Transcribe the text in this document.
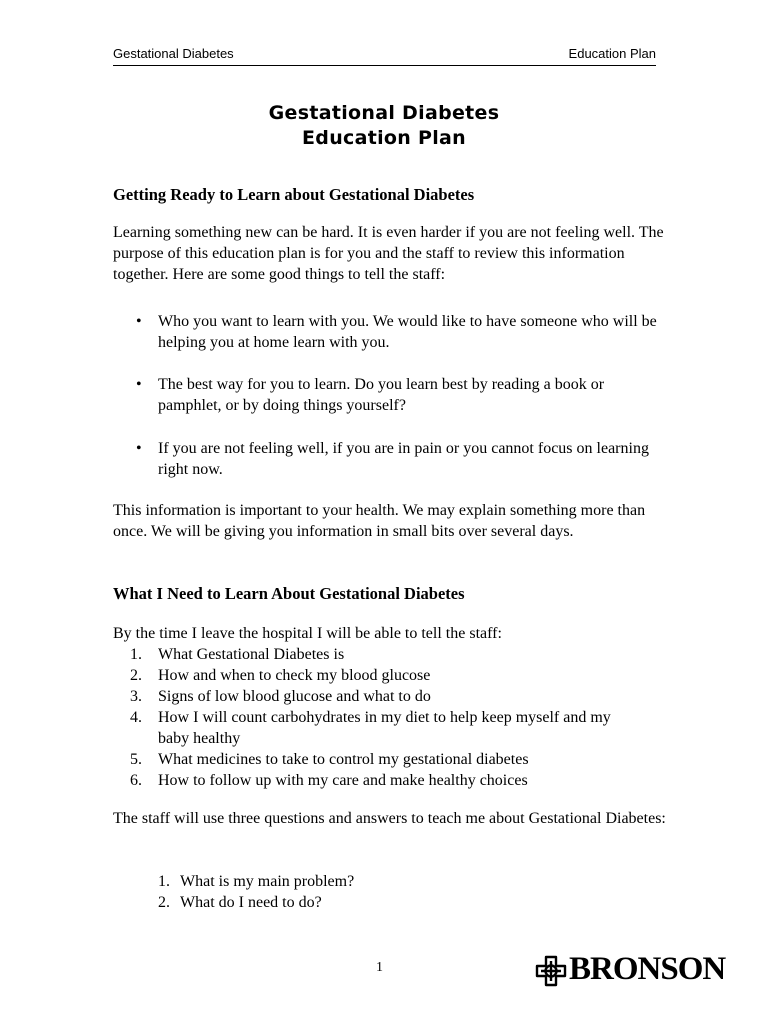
Gestational Diabetes	Education Plan
Gestational Diabetes
Education Plan
Getting Ready to Learn about Gestational Diabetes
Learning something new can be hard. It is even harder if you are not feeling well. The purpose of this education plan is for you and the staff to review this information together. Here are some good things to tell the staff:
• Who you want to learn with you. We would like to have someone who will be helping you at home learn with you.
• The best way for you to learn. Do you learn best by reading a book or pamphlet, or by doing things yourself?
• If you are not feeling well, if you are in pain or you cannot focus on learning right now.
This information is important to your health. We may explain something more than once. We will be giving you information in small bits over several days.
What I Need to Learn About Gestational Diabetes
By the time I leave the hospital I will be able to tell the staff:
1.	What Gestational Diabetes is
2.	How and when to check my blood glucose
3.	Signs of low blood glucose and what to do
4.	How I will count carbohydrates in my diet to help keep myself and my baby healthy
5.	What medicines to take to control my gestational diabetes
6.	How to follow up with my care and make healthy choices
The staff will use three questions and answers to teach me about Gestational Diabetes:
1. What is my main problem?
2. What do I need to do?
1	BRONSON
